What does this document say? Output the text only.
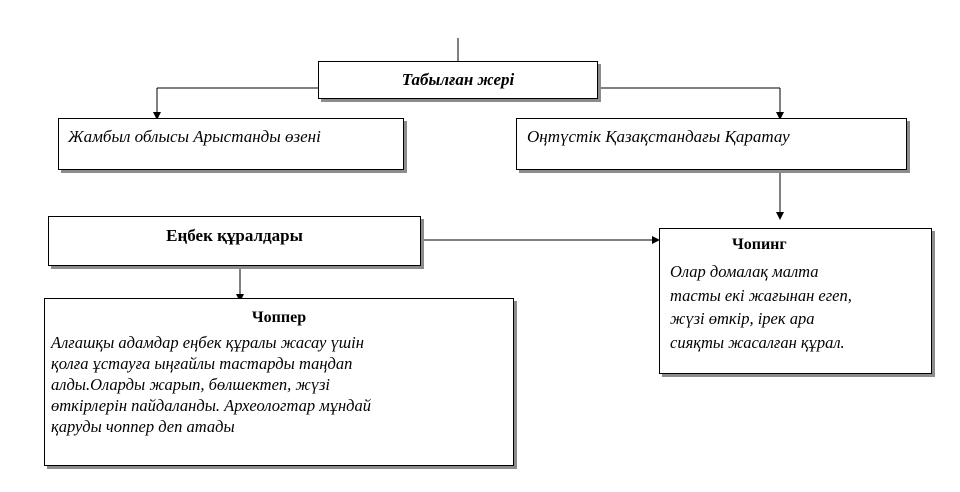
Табылған жері
Жамбыл облысы Арыстанды өзені	Оңтүстік Қазақстандағы Қаратау
Еңбек құралдары	Чопинг
Олар домалақ малта
тасты екі жағынан егеп,
жүзі өткір, ірек ара
сияқты жасалған құрал.
Чоппер
Алғашқы адамдар еңбек құралы жасау үшін
қолға ұстауға ыңғайлы тастарды таңдап
алды.Оларды жарып, бөлшектеп, жүзі
өткірлерін пайдаланды. Археологтар мұндай
қаруды чоппер деп атады
